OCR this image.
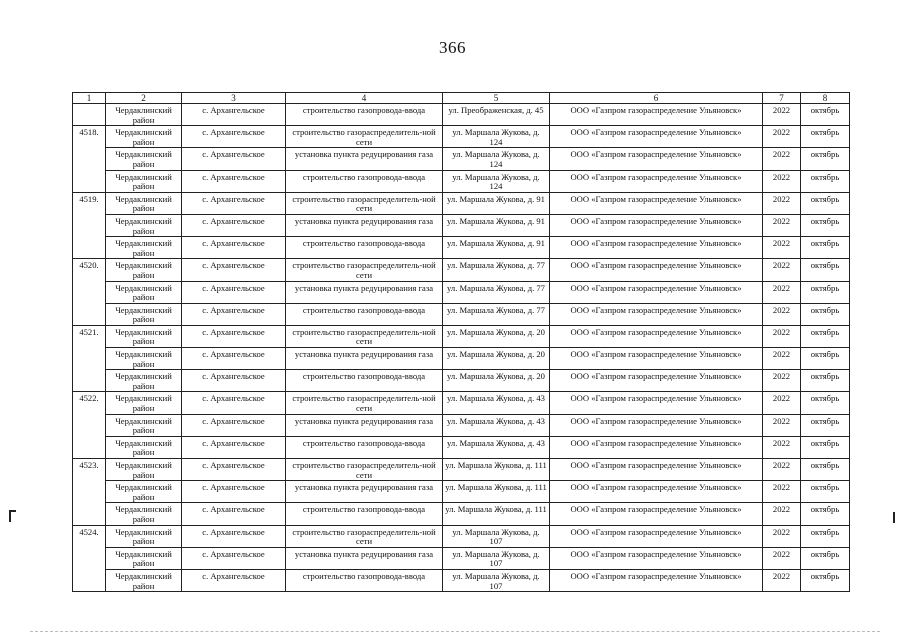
366
1	2	3	4	5	6	7	8
	Чердаклинский район	с. Архангельское	строительство газопровода-ввода	ул. Преображенская, д. 45	ООО «Газпром газораспределение Ульяновск»	2022	октябрь
4518.	Чердаклинский район	с. Архангельское	строительство газораспределитель-ной сети	ул. Маршала Жукова, д. 124	ООО «Газпром газораспределение Ульяновск»	2022	октябрь
	Чердаклинский район	с. Архангельское	установка пункта редуцирования газа	ул. Маршала Жукова, д. 124	ООО «Газпром газораспределение Ульяновск»	2022	октябрь
	Чердаклинский район	с. Архангельское	строительство газопровода-ввода	ул. Маршала Жукова, д. 124	ООО «Газпром газораспределение Ульяновск»	2022	октябрь
4519.	Чердаклинский район	с. Архангельское	строительство газораспределитель-ной сети	ул. Маршала Жукова, д. 91	ООО «Газпром газораспределение Ульяновск»	2022	октябрь
	Чердаклинский район	с. Архангельское	установка пункта редуцирования газа	ул. Маршала Жукова, д. 91	ООО «Газпром газораспределение Ульяновск»	2022	октябрь
	Чердаклинский район	с. Архангельское	строительство газопровода-ввода	ул. Маршала Жукова, д. 91	ООО «Газпром газораспределение Ульяновск»	2022	октябрь
4520.	Чердаклинский район	с. Архангельское	строительство газораспределитель-ной сети	ул. Маршала Жукова, д. 77	ООО «Газпром газораспределение Ульяновск»	2022	октябрь
	Чердаклинский район	с. Архангельское	установка пункта редуцирования газа	ул. Маршала Жукова, д. 77	ООО «Газпром газораспределение Ульяновск»	2022	октябрь
	Чердаклинский район	с. Архангельское	строительство газопровода-ввода	ул. Маршала Жукова, д. 77	ООО «Газпром газораспределение Ульяновск»	2022	октябрь
4521.	Чердаклинский район	с. Архангельское	строительство газораспределитель-ной сети	ул. Маршала Жукова, д. 20	ООО «Газпром газораспределение Ульяновск»	2022	октябрь
	Чердаклинский район	с. Архангельское	установка пункта редуцирования газа	ул. Маршала Жукова, д. 20	ООО «Газпром газораспределение Ульяновск»	2022	октябрь
	Чердаклинский район	с. Архангельское	строительство газопровода-ввода	ул. Маршала Жукова, д. 20	ООО «Газпром газораспределение Ульяновск»	2022	октябрь
4522.	Чердаклинский район	с. Архангельское	строительство газораспределитель-ной сети	ул. Маршала Жукова, д. 43	ООО «Газпром газораспределение Ульяновск»	2022	октябрь
	Чердаклинский район	с. Архангельское	установка пункта редуцирования газа	ул. Маршала Жукова, д. 43	ООО «Газпром газораспределение Ульяновск»	2022	октябрь
	Чердаклинский район	с. Архангельское	строительство газопровода-ввода	ул. Маршала Жукова, д. 43	ООО «Газпром газораспределение Ульяновск»	2022	октябрь
4523.	Чердаклинский район	с. Архангельское	строительство газораспределитель-ной сети	ул. Маршала Жукова, д. 111	ООО «Газпром газораспределение Ульяновск»	2022	октябрь
	Чердаклинский район	с. Архангельское	установка пункта редуцирования газа	ул. Маршала Жукова, д. 111	ООО «Газпром газораспределение Ульяновск»	2022	октябрь
	Чердаклинский район	с. Архангельское	строительство газопровода-ввода	ул. Маршала Жукова, д. 111	ООО «Газпром газораспределение Ульяновск»	2022	октябрь
4524.	Чердаклинский район	с. Архангельское	строительство газораспределитель-ной сети	ул. Маршала Жукова, д. 107	ООО «Газпром газораспределение Ульяновск»	2022	октябрь
	Чердаклинский район	с. Архангельское	установка пункта редуцирования газа	ул. Маршала Жукова, д. 107	ООО «Газпром газораспределение Ульяновск»	2022	октябрь
	Чердаклинский район	с. Архангельское	строительство газопровода-ввода	ул. Маршала Жукова, д. 107	ООО «Газпром газораспределение Ульяновск»	2022	октябрь
